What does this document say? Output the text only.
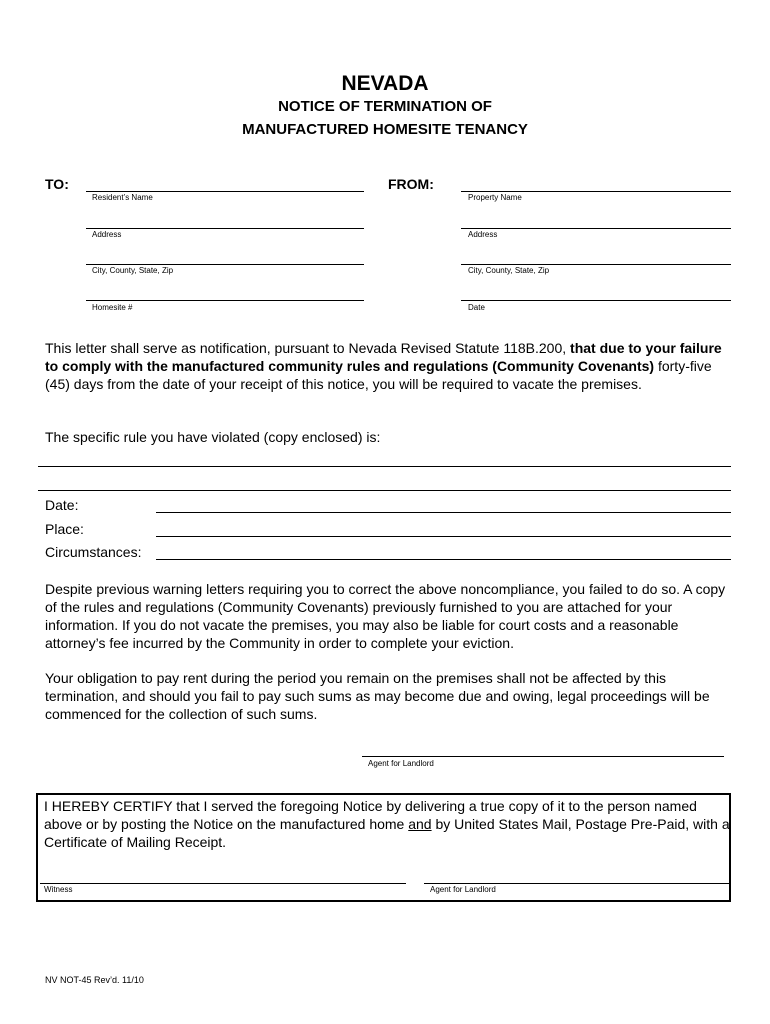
NEVADA
NOTICE OF TERMINATION OF
MANUFACTURED HOMESITE TENANCY
TO:
Resident’s Name
Address
City, County, State, Zip
Homesite #
FROM:
Property Name
Address
City, County, State, Zip
Date
This letter shall serve as notification, pursuant to Nevada Revised Statute 118B.200, that due to your failure to comply with the manufactured community rules and regulations (Community Covenants) forty-five (45) days from the date of your receipt of this notice, you will be required to vacate the premises.
The specific rule you have violated (copy enclosed) is:
Date:
Place:
Circumstances:
Despite previous warning letters requiring you to correct the above noncompliance, you failed to do so. A copy of the rules and regulations (Community Covenants) previously furnished to you are attached for your information. If you do not vacate the premises, you may also be liable for court costs and a reasonable attorney’s fee incurred by the Community in order to complete your eviction.
Your obligation to pay rent during the period you remain on the premises shall not be affected by this termination, and should you fail to pay such sums as may become due and owing, legal proceedings will be commenced for the collection of such sums.
Agent for Landlord
I HEREBY CERTIFY that I served the foregoing Notice by delivering a true copy of it to the person named above or by posting the Notice on the manufactured home and by United States Mail, Postage Pre-Paid, with a Certificate of Mailing Receipt.
Witness	Agent for Landlord
NV NOT-45 Rev’d. 11/10
